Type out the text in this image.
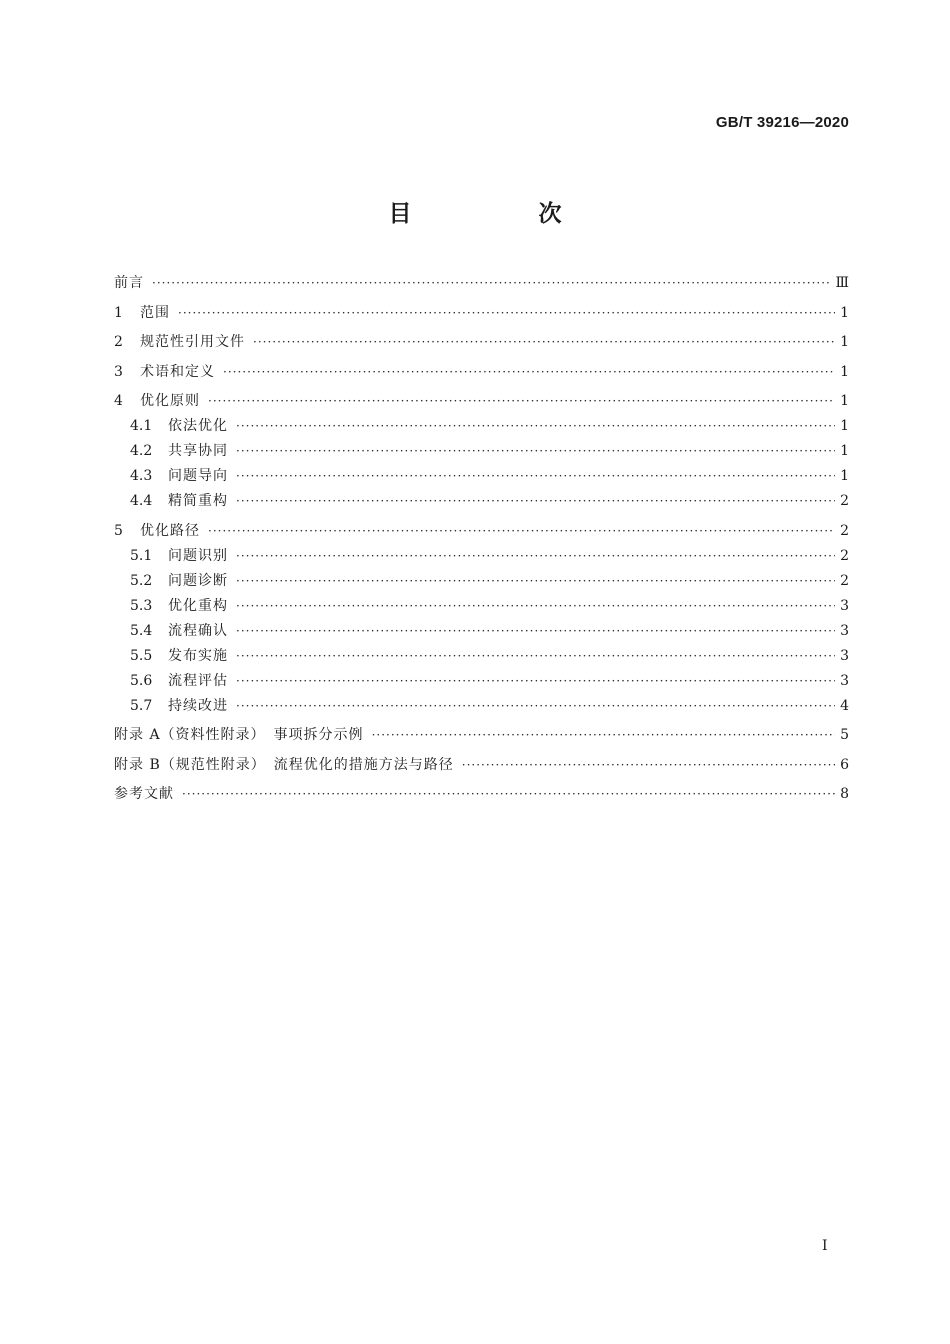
GB/T 39216—2020
目　次
前言 ·····	Ⅲ
1	范围 ·····	1
2	规范性引用文件 ·····	1
3	术语和定义 ·····	1
4	优化原则 ·····	1
4.1	依法优化 ·····	1
4.2	共享协同 ·····	1
4.3	问题导向 ·····	1
4.4	精简重构 ·····	2
5	优化路径 ·····	2
5.1	问题识别 ·····	2
5.2	问题诊断 ·····	2
5.3	优化重构 ·····	3
5.4	流程确认 ·····	3
5.5	发布实施 ·····	3
5.6	流程评估 ·····	3
5.7	持续改进 ·····	4
附录 A（资料性附录）　事项拆分示例 ·····	5
附录 B（规范性附录）　流程优化的措施方法与路径 ·····	6
参考文献 ·····	8
I
